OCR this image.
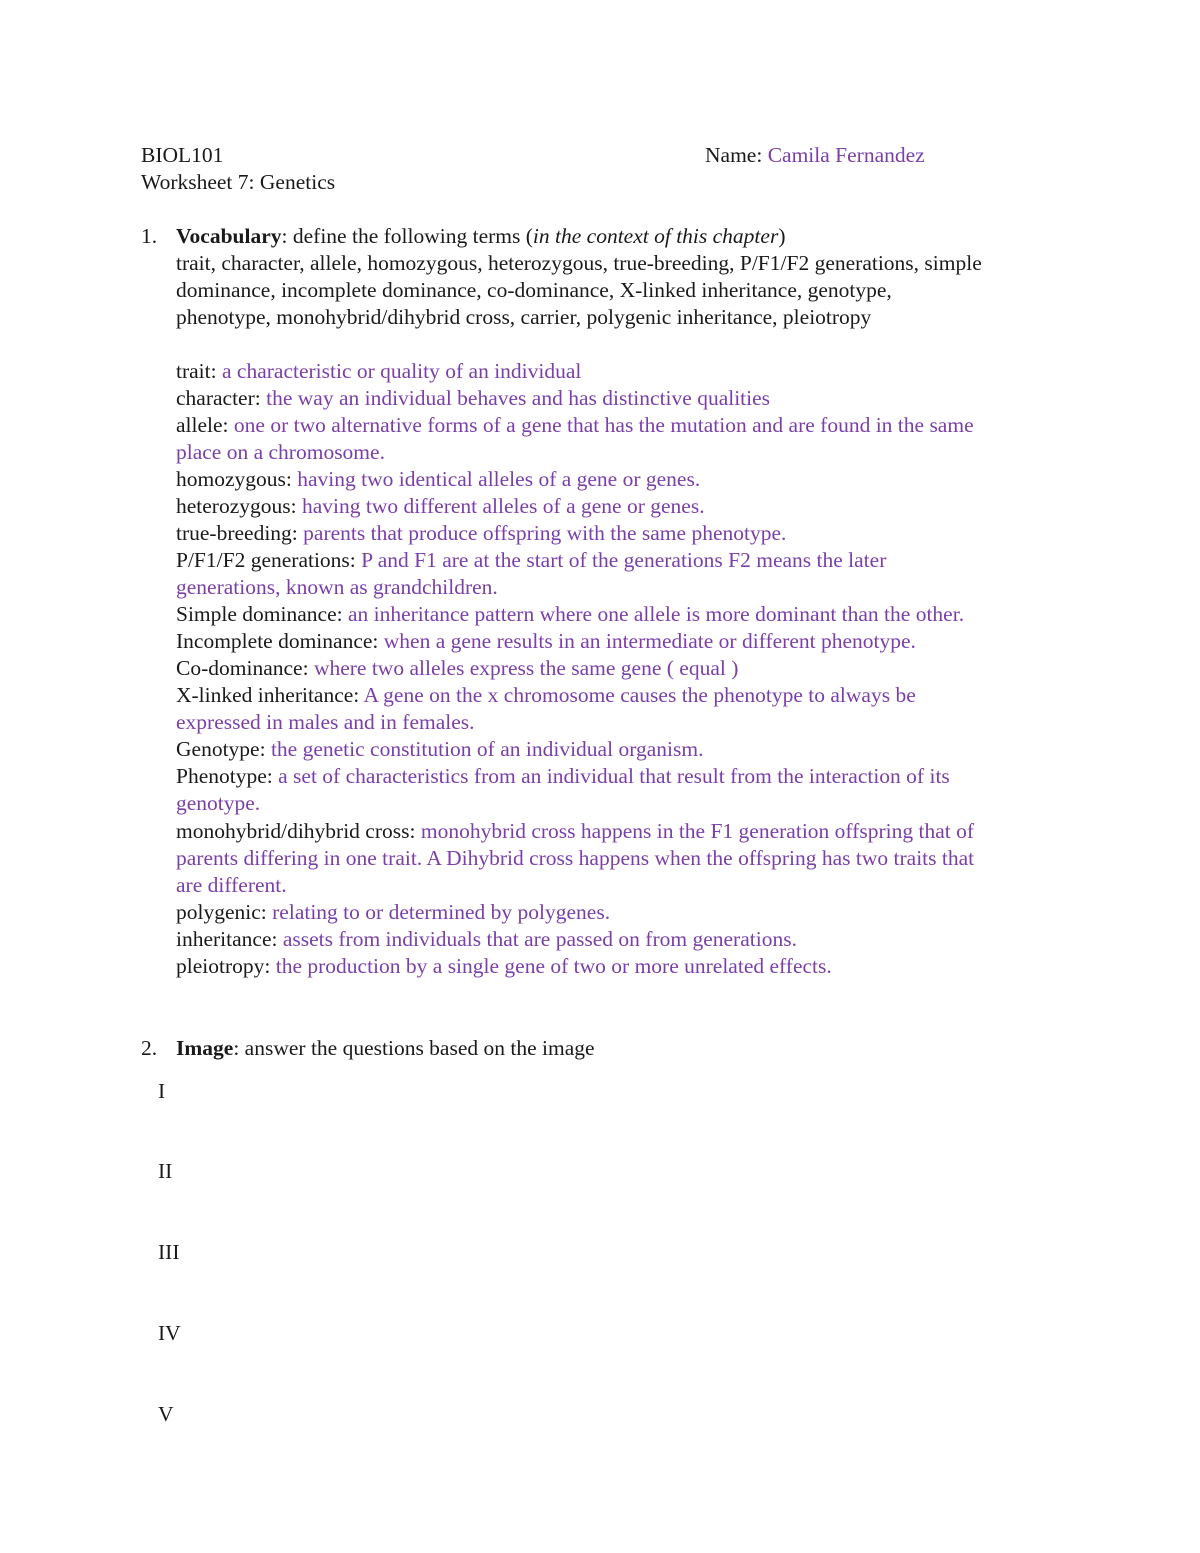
BIOL101	Name: Camila Fernandez
Worksheet 7: Genetics
1. Vocabulary: define the following terms (in the context of this chapter)
trait, character, allele, homozygous, heterozygous, true-breeding, P/F1/F2 generations, simple
dominance, incomplete dominance, co-dominance, X-linked inheritance, genotype,
phenotype, monohybrid/dihybrid cross, carrier, polygenic inheritance, pleiotropy
trait: a characteristic or quality of an individual
character: the way an individual behaves and has distinctive qualities
allele: one or two alternative forms of a gene that has the mutation and are found in the same
place on a chromosome.
homozygous: having two identical alleles of a gene or genes.
heterozygous: having two different alleles of a gene or genes.
true-breeding: parents that produce offspring with the same phenotype.
P/F1/F2 generations: P and F1 are at the start of the generations F2 means the later
generations, known as grandchildren.
Simple dominance: an inheritance pattern where one allele is more dominant than the other.
Incomplete dominance: when a gene results in an intermediate or different phenotype.
Co-dominance: where two alleles express the same gene ( equal )
X-linked inheritance: A gene on the x chromosome causes the phenotype to always be
expressed in males and in females.
Genotype: the genetic constitution of an individual organism.
Phenotype: a set of characteristics from an individual that result from the interaction of its
genotype.
monohybrid/dihybrid cross: monohybrid cross happens in the F1 generation offspring that of
parents differing in one trait. A Dihybrid cross happens when the offspring has two traits that
are different.
polygenic: relating to or determined by polygenes.
inheritance: assets from individuals that are passed on from generations.
pleiotropy: the production by a single gene of two or more unrelated effects.
2. Image: answer the questions based on the image
I
II
III
IV
V
